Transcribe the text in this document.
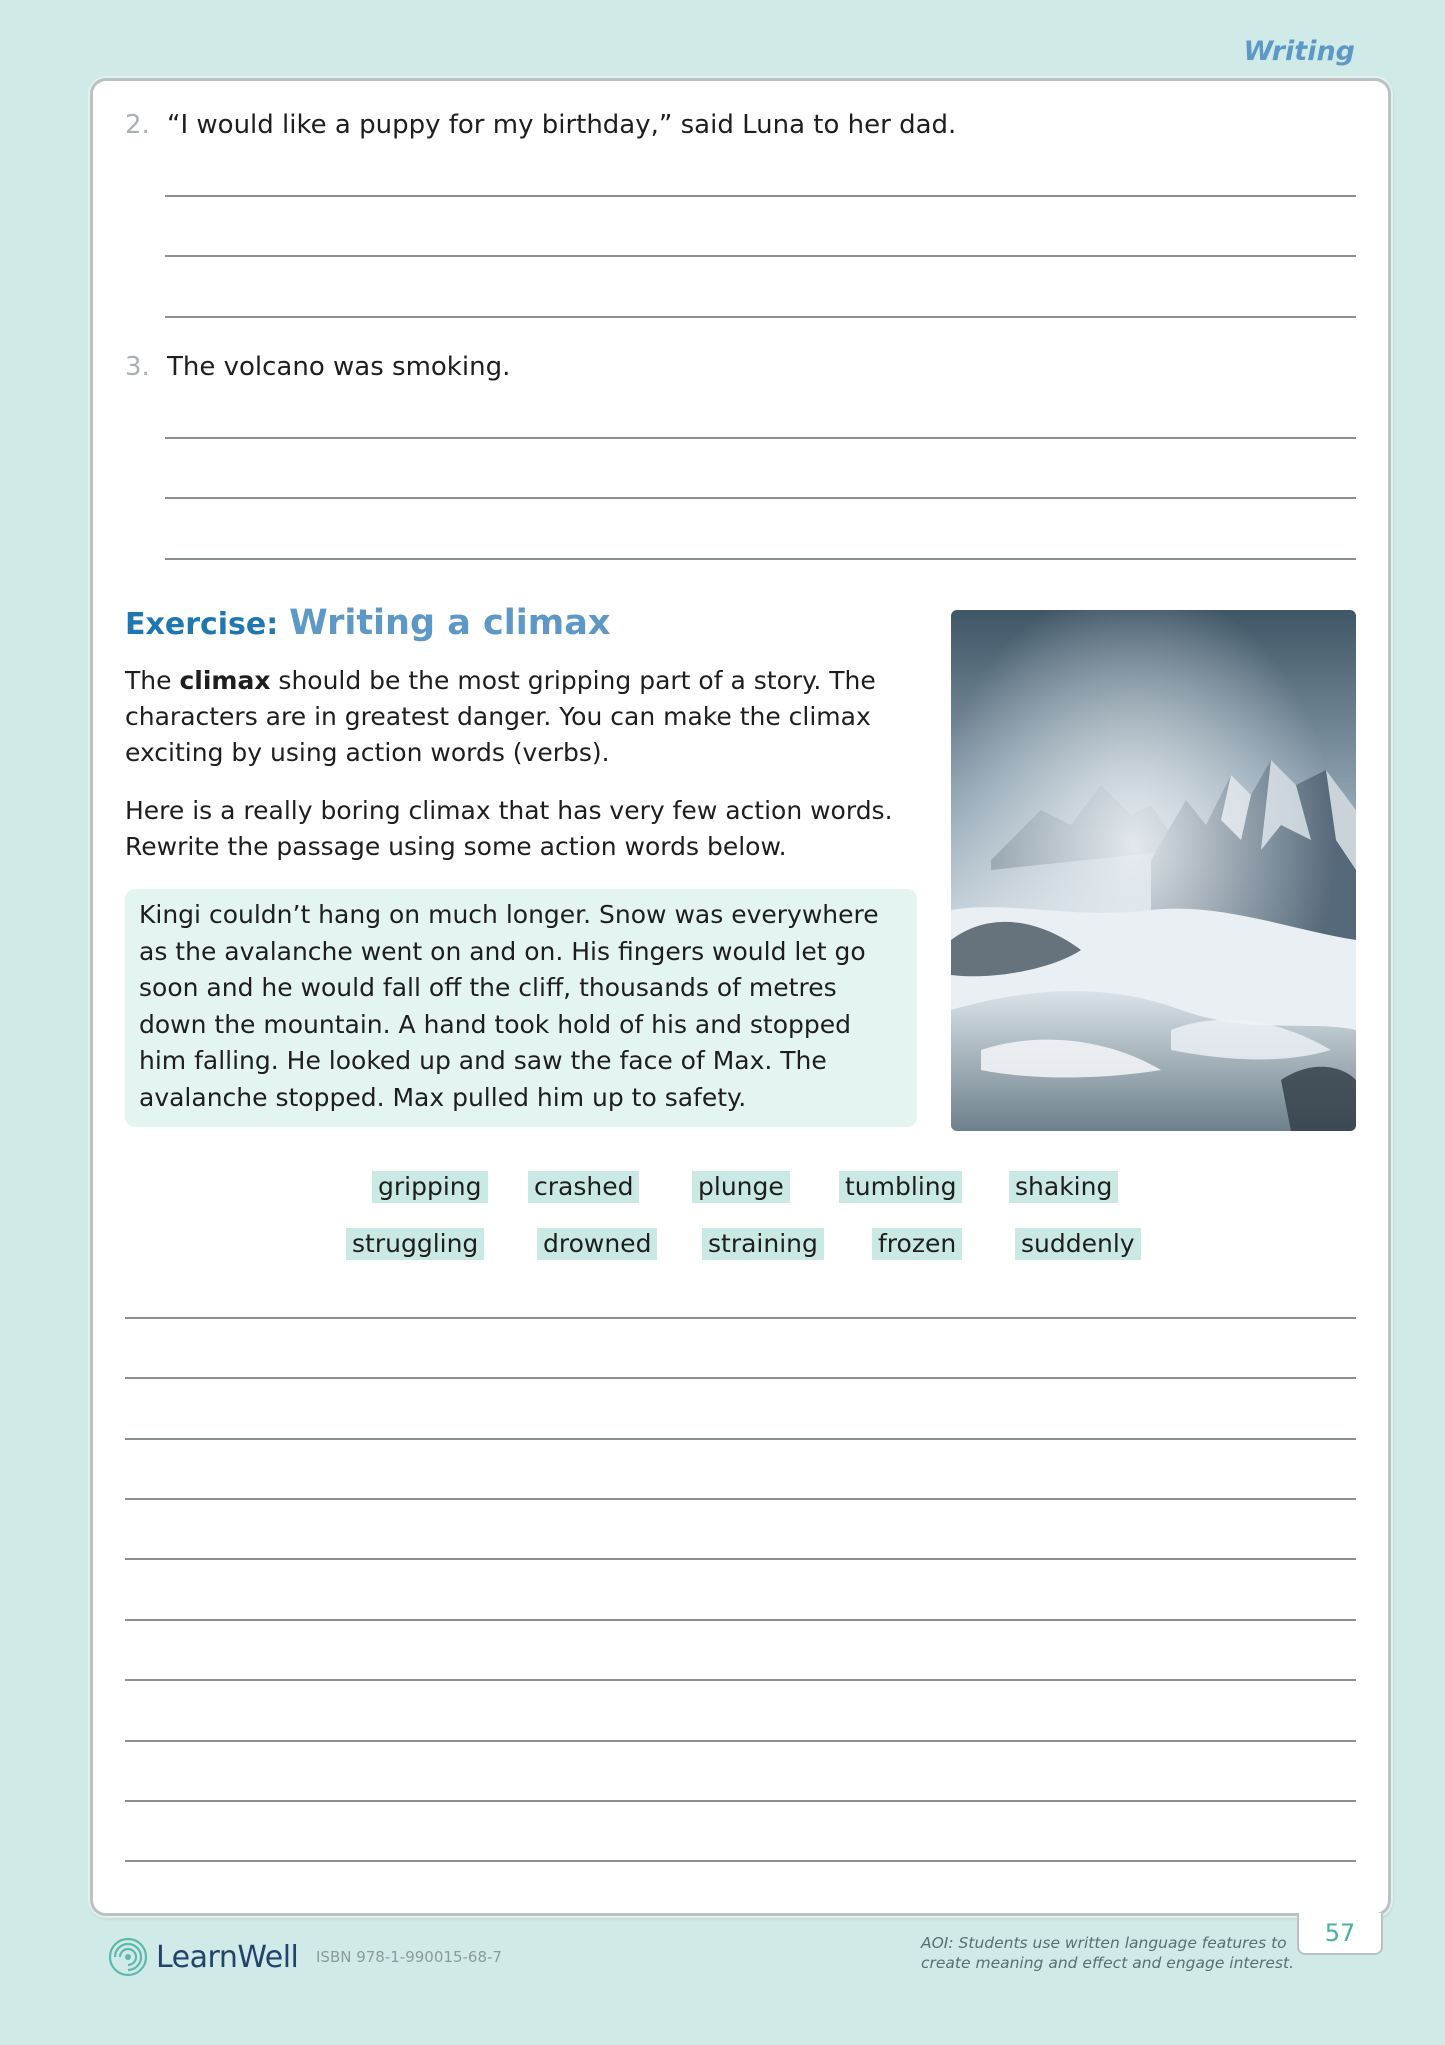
Writing
2. “I would like a puppy for my birthday,” said Luna to her dad.
3. The volcano was smoking.
Exercise: Writing a climax
The climax should be the most gripping part of a story. The characters are in greatest danger. You can make the climax exciting by using action words (verbs).
Here is a really boring climax that has very few action words. Rewrite the passage using some action words below.
Kingi couldn’t hang on much longer. Snow was everywhere as the avalanche went on and on. His fingers would let go soon and he would fall off the cliff, thousands of metres down the mountain. A hand took hold of his and stopped him falling. He looked up and saw the face of Max. The avalanche stopped. Max pulled him up to safety.
gripping crashed	plunge tumbling shaking
struggling	drowned straining frozen	suddenly
57
LearnWell ISBN 978-1-990015-68-7
AOI: Students use written language features to create meaning and effect and engage interest.
